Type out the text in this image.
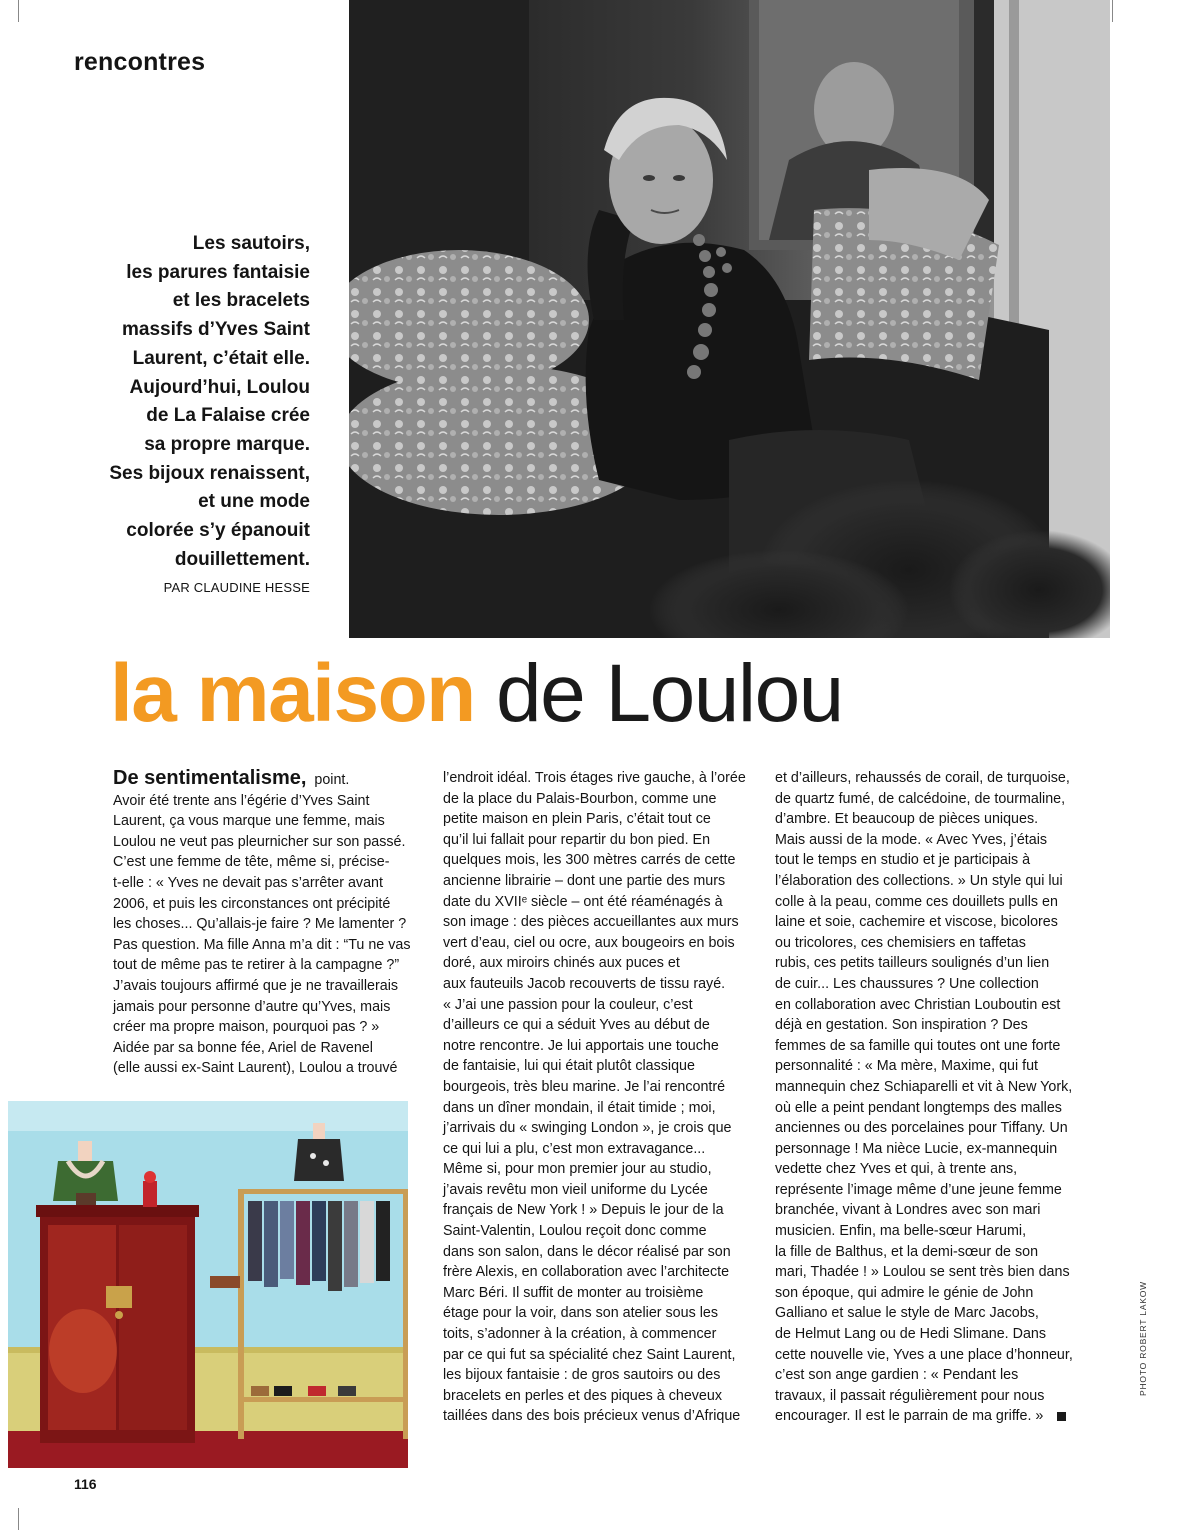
rencontres
Les sautoirs,
les parures fantaisie
et les bracelets
massifs d’Yves Saint
Laurent, c’était elle.
Aujourd’hui, Loulou
de La Falaise crée
sa propre marque.
Ses bijoux renaissent,
et une mode
colorée s’y épanouit
douillettement.
PAR CLAUDINE HESSE
la maison de Loulou
De sentimentalisme, point.
Avoir été trente ans l’égérie d’Yves Saint
Laurent, ça vous marque une femme, mais
Loulou ne veut pas pleurnicher sur son passé.
C’est une femme de tête, même si, précise-
t-elle : « Yves ne devait pas s’arrêter avant
2006, et puis les circonstances ont précipité
les choses... Qu’allais-je faire ? Me lamenter ?
Pas question. Ma fille Anna m’a dit : “Tu ne vas
tout de même pas te retirer à la campagne ?”
J’avais toujours affirmé que je ne travaillerais
jamais pour personne d’autre qu’Yves, mais
créer ma propre maison, pourquoi pas ? »
Aidée par sa bonne fée, Ariel de Ravenel
(elle aussi ex-Saint Laurent), Loulou a trouvé
l’endroit idéal. Trois étages rive gauche, à l’orée
de la place du Palais-Bourbon, comme une
petite maison en plein Paris, c’était tout ce
qu’il lui fallait pour repartir du bon pied. En
quelques mois, les 300 mètres carrés de cette
ancienne librairie – dont une partie des murs
date du XVIIᵉ siècle – ont été réaménagés à
son image : des pièces accueillantes aux murs
vert d’eau, ciel ou ocre, aux bougeoirs en bois
doré, aux miroirs chinés aux puces et
aux fauteuils Jacob recouverts de tissu rayé.
« J’ai une passion pour la couleur, c’est
d’ailleurs ce qui a séduit Yves au début de
notre rencontre. Je lui apportais une touche
de fantaisie, lui qui était plutôt classique
bourgeois, très bleu marine. Je l’ai rencontré
dans un dîner mondain, il était timide ; moi,
j’arrivais du « swinging London », je crois que
ce qui lui a plu, c’est mon extravagance...
Même si, pour mon premier jour au studio,
j’avais revêtu mon vieil uniforme du Lycée
français de New York ! » Depuis le jour de la
Saint-Valentin, Loulou reçoit donc comme
dans son salon, dans le décor réalisé par son
frère Alexis, en collaboration avec l’architecte
Marc Béri. Il suffit de monter au troisième
étage pour la voir, dans son atelier sous les
toits, s’adonner à la création, à commencer
par ce qui fut sa spécialité chez Saint Laurent,
les bijoux fantaisie : de gros sautoirs ou des
bracelets en perles et des piques à cheveux
taillées dans des bois précieux venus d’Afrique
et d’ailleurs, rehaussés de corail, de turquoise,
de quartz fumé, de calcédoine, de tourmaline,
d’ambre. Et beaucoup de pièces uniques.
Mais aussi de la mode. « Avec Yves, j’étais
tout le temps en studio et je participais à
l’élaboration des collections. » Un style qui lui
colle à la peau, comme ces douillets pulls en
laine et soie, cachemire et viscose, bicolores
ou tricolores, ces chemisiers en taffetas
rubis, ces petits tailleurs soulignés d’un lien
de cuir... Les chaussures ? Une collection
en collaboration avec Christian Louboutin est
déjà en gestation. Son inspiration ? Des
femmes de sa famille qui toutes ont une forte
personnalité : « Ma mère, Maxime, qui fut
mannequin chez Schiaparelli et vit à New York,
où elle a peint pendant longtemps des malles
anciennes ou des porcelaines pour Tiffany. Un
personnage ! Ma nièce Lucie, ex-mannequin
vedette chez Yves et qui, à trente ans,
représente l’image même d’une jeune femme
branchée, vivant à Londres avec son mari
musicien. Enfin, ma belle-sœur Harumi,
la fille de Balthus, et la demi-sœur de son
mari, Thadée ! » Loulou se sent très bien dans
son époque, qui admire le génie de John
Galliano et salue le style de Marc Jacobs,
de Helmut Lang ou de Hedi Slimane. Dans
cette nouvelle vie, Yves a une place d’honneur,
c’est son ange gardien : « Pendant les
travaux, il passait régulièrement pour nous
encourager. Il est le parrain de ma griffe. »
PHOTO ROBERT LAKOW
116
